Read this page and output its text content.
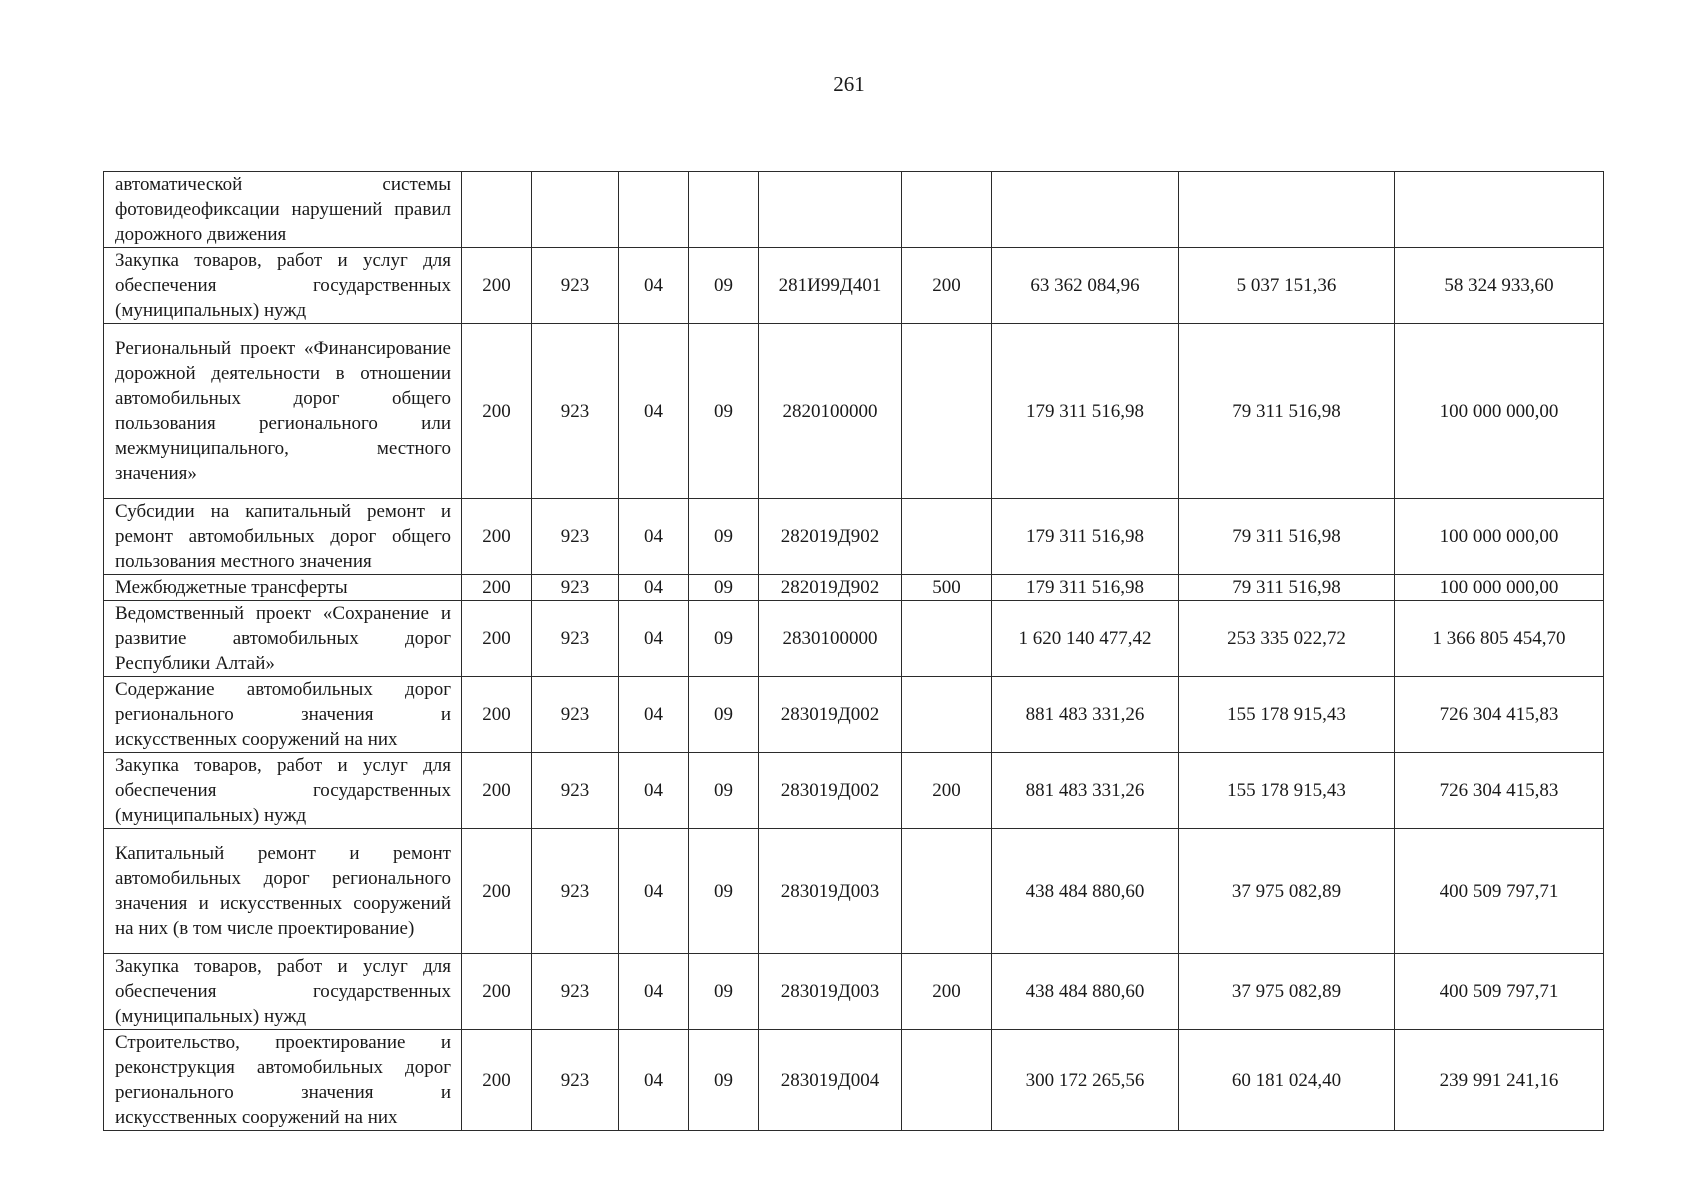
261
автоматической системы фотовидеофиксации нарушений правил дорожного движения									
Закупка товаров, работ и услуг для обеспечения государственных (муниципальных) нужд	200	923	04	09	281И99Д401	200	63 362 084,96	5 037 151,36	58 324 933,60
Региональный проект «Финансирование дорожной деятельности в отношении автомобильных дорог общего пользования регионального или межмуниципального, местного значения»	200	923	04	09	2820100000		179 311 516,98	79 311 516,98	100 000 000,00
Субсидии на капитальный ремонт и ремонт автомобильных дорог общего пользования местного значения	200	923	04	09	282019Д902		179 311 516,98	79 311 516,98	100 000 000,00
Межбюджетные трансферты	200	923	04	09	282019Д902	500	179 311 516,98	79 311 516,98	100 000 000,00
Ведомственный проект «Сохранение и развитие автомобильных дорог Республики Алтай»	200	923	04	09	2830100000		1 620 140 477,42	253 335 022,72	1 366 805 454,70
Содержание автомобильных дорог регионального значения и искусственных сооружений на них	200	923	04	09	283019Д002		881 483 331,26	155 178 915,43	726 304 415,83
Закупка товаров, работ и услуг для обеспечения государственных (муниципальных) нужд	200	923	04	09	283019Д002	200	881 483 331,26	155 178 915,43	726 304 415,83
Капитальный ремонт и ремонт автомобильных дорог регионального значения и искусственных сооружений на них (в том числе проектирование)	200	923	04	09	283019Д003		438 484 880,60	37 975 082,89	400 509 797,71
Закупка товаров, работ и услуг для обеспечения государственных (муниципальных) нужд	200	923	04	09	283019Д003	200	438 484 880,60	37 975 082,89	400 509 797,71
Строительство, проектирование и реконструкция автомобильных дорог регионального значения и искусственных сооружений на них	200	923	04	09	283019Д004		300 172 265,56	60 181 024,40	239 991 241,16
